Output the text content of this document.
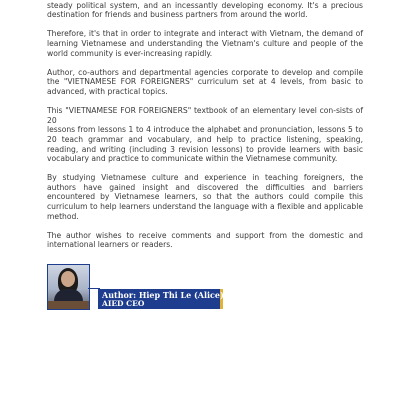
steady political system, and an incessantly developing economy. It's a precious destination for friends and business partners from around the world.

Therefore, it's that in order to integrate and interact with Vietnam, the demand of learning Vietnamese and understanding the Vietnam's culture and people of the world community is ever-increasing rapidly.

Author, co-authors and departmental agencies corporate to develop and compile the "VIETNAMESE FOR FOREIGNERS" curriculum set at 4 levels, from basic to advanced, with practical topics.

This "VIETNAMESE FOR FOREIGNERS" textbook of an elementary level con-sists of 20
lessons from lessons 1 to 4 introduce the alphabet and pronunciation, lessons 5 to 20 teach grammar and vocabulary, and help to practice listening, speaking, reading, and writing (including 3 revision lessons) to provide learners with basic vocabulary and practice to communicate within the Vietnamese community.

By studying Vietnamese culture and experience in teaching foreigners, the authors have gained insight and discovered the difficulties and barriers encountered by Vietnamese learners, so that the authors could compile this curriculum to help learners understand the language with a flexible and applicable method.

The author wishes to receive comments and support from the domestic and international learners or readers.

Author: Hiep Thi Le (Alice)
AIED CEO
